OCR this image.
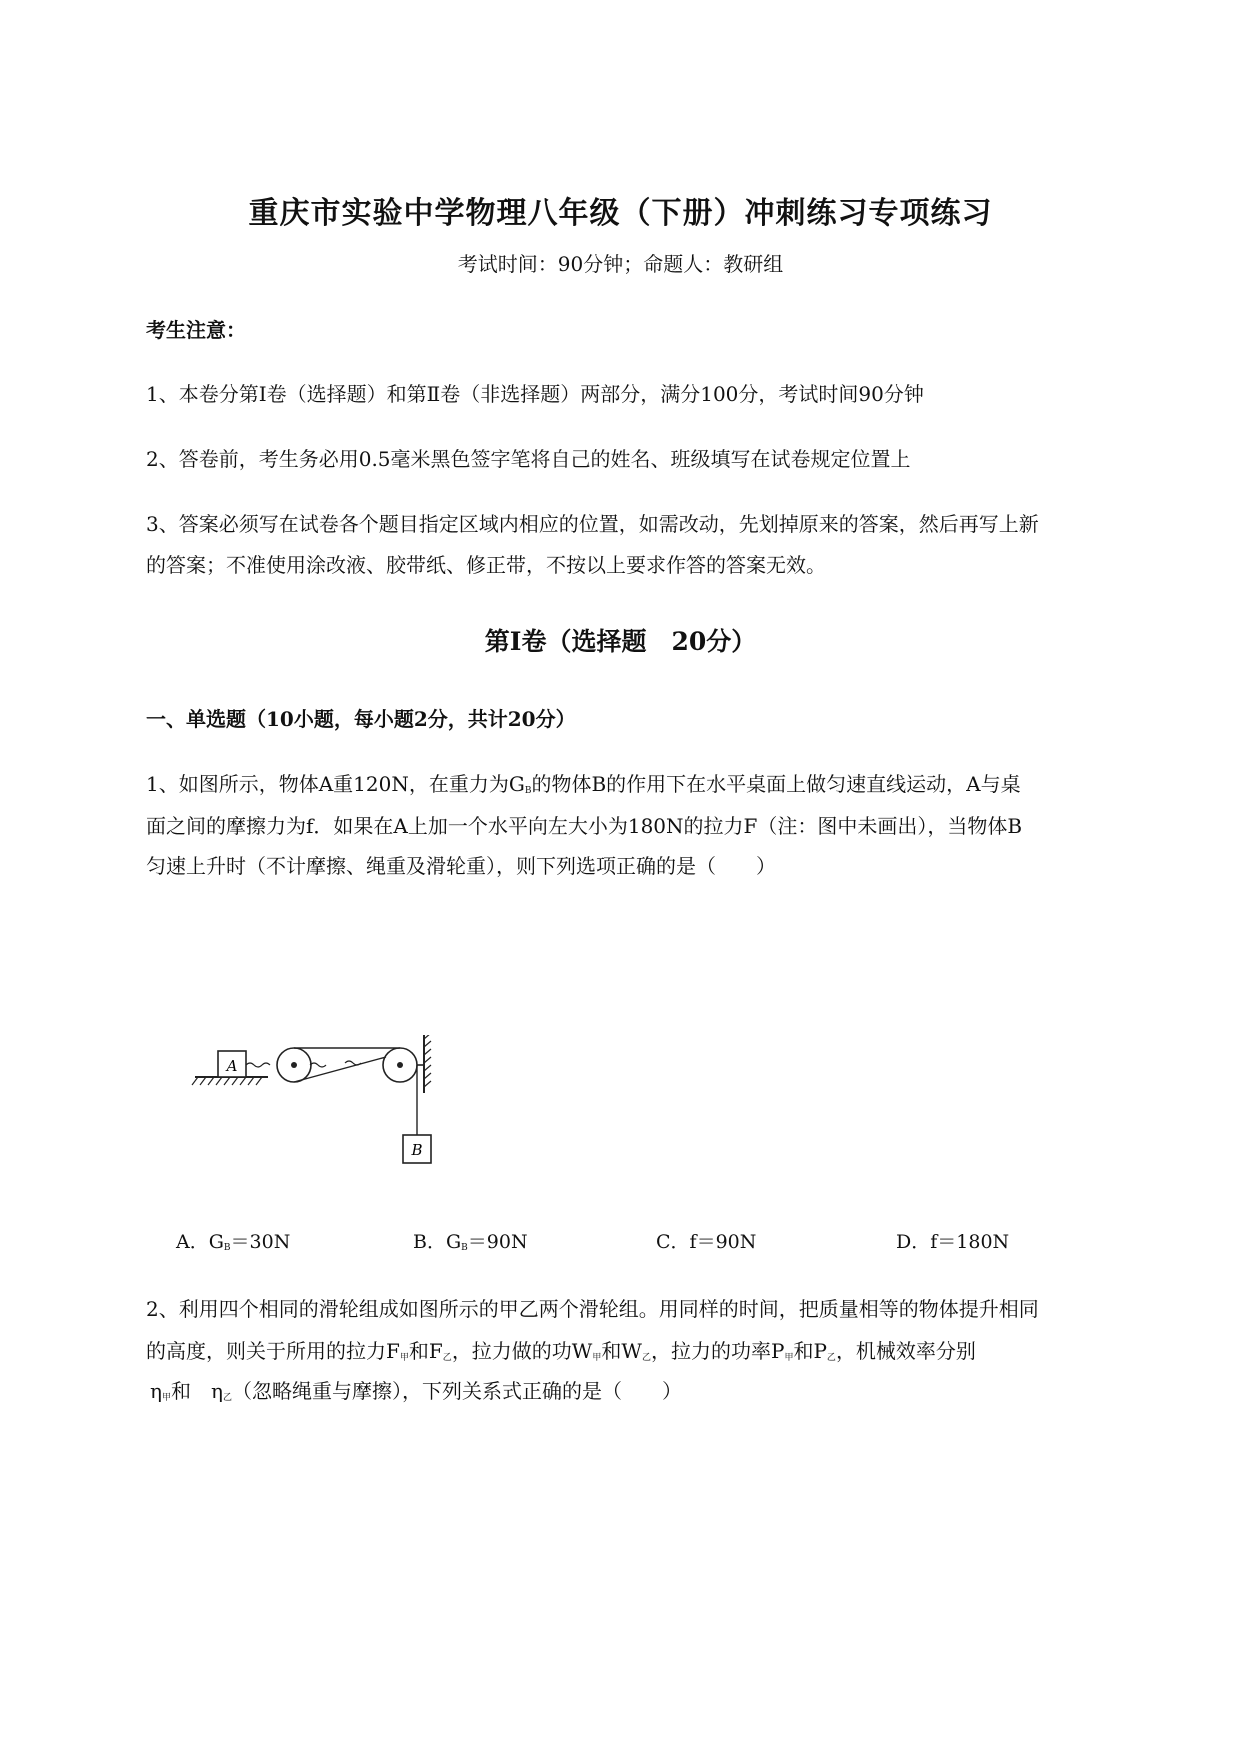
重庆市实验中学物理八年级（下册）冲刺练习专项练习
考试时间：90分钟；命题人：教研组
考生注意：
1、本卷分第Ⅰ卷（选择题）和第Ⅱ卷（非选择题）两部分，满分100分，考试时间90分钟
2、答卷前，考生务必用0.5毫米黑色签字笔将自己的姓名、班级填写在试卷规定位置上
3、答案必须写在试卷各个题目指定区域内相应的位置，如需改动，先划掉原来的答案，然后再写上新
的答案；不准使用涂改液、胶带纸、修正带，不按以上要求作答的答案无效。
第Ⅰ卷（选择题　20分）
一、单选题（10小题，每小题2分，共计20分）
1、如图所示，物体A重120N，在重力为$G_B$的物体B的作用下在水平桌面上做匀速直线运动，A与桌
面之间的摩擦力为f．如果在A上加一个水平向左大小为180N的拉力F（注：图中未画出），当物体B
匀速上升时（不计摩擦、绳重及滑轮重），则下列选项正确的是（　　）
A
B
A．$G_B=30N$	B．$G_B=90N$	C．f＝90N	D．f＝180N
2、利用四个相同的滑轮组成如图所示的甲乙两个滑轮组。用同样的时间，把质量相等的物体提升相同
的高度，则关于所用的拉力$F_甲$和$F_乙$，拉力做的功$W_甲$和$W_乙$，拉力的功率$P_甲$和$P_乙$，机械效率分别
$\eta_甲$和　$\eta_乙$（忽略绳重与摩擦），下列关系式正确的是（　　）
